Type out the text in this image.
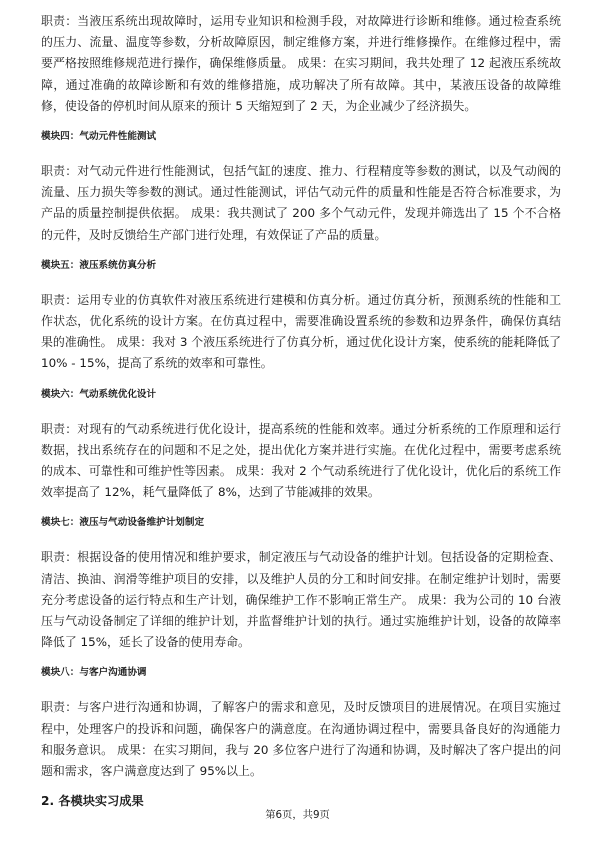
职责：当液压系统出现故障时，运用专业知识和检测手段，对故障进行诊断和维修。通过检查系统的压力、流量、温度等参数，分析故障原因，制定维修方案，并进行维修操作。在维修过程中，需要严格按照维修规范进行操作，确保维修质量。 成果：在实习期间，我共处理了 12 起液压系统故障，通过准确的故障诊断和有效的维修措施，成功解决了所有故障。其中，某液压设备的故障维修，使设备的停机时间从原来的预计 5 天缩短到了 2 天，为企业减少了经济损失。

模块四：气动元件性能测试

职责：对气动元件进行性能测试，包括气缸的速度、推力、行程精度等参数的测试，以及气动阀的流量、压力损失等参数的测试。通过性能测试，评估气动元件的质量和性能是否符合标准要求，为产品的质量控制提供依据。 成果：我共测试了 200 多个气动元件，发现并筛选出了 15 个不合格的元件，及时反馈给生产部门进行处理，有效保证了产品的质量。

模块五：液压系统仿真分析

职责：运用专业的仿真软件对液压系统进行建模和仿真分析。通过仿真分析，预测系统的性能和工作状态，优化系统的设计方案。在仿真过程中，需要准确设置系统的参数和边界条件，确保仿真结果的准确性。 成果：我对 3 个液压系统进行了仿真分析，通过优化设计方案，使系统的能耗降低了 10% - 15%，提高了系统的效率和可靠性。

模块六：气动系统优化设计

职责：对现有的气动系统进行优化设计，提高系统的性能和效率。通过分析系统的工作原理和运行数据，找出系统存在的问题和不足之处，提出优化方案并进行实施。在优化过程中，需要考虑系统的成本、可靠性和可维护性等因素。 成果：我对 2 个气动系统进行了优化设计，优化后的系统工作效率提高了 12%，耗气量降低了 8%，达到了节能减排的效果。

模块七：液压与气动设备维护计划制定

职责：根据设备的使用情况和维护要求，制定液压与气动设备的维护计划。包括设备的定期检查、清洁、换油、润滑等维护项目的安排，以及维护人员的分工和时间安排。在制定维护计划时，需要充分考虑设备的运行特点和生产计划，确保维护工作不影响正常生产。 成果：我为公司的 10 台液压与气动设备制定了详细的维护计划，并监督维护计划的执行。通过实施维护计划，设备的故障率降低了 15%，延长了设备的使用寿命。

模块八：与客户沟通协调

职责：与客户进行沟通和协调，了解客户的需求和意见，及时反馈项目的进展情况。在项目实施过程中，处理客户的投诉和问题，确保客户的满意度。在沟通协调过程中，需要具备良好的沟通能力和服务意识。 成果：在实习期间，我与 20 多位客户进行了沟通和协调，及时解决了客户提出的问题和需求，客户满意度达到了 95%以上。

2. 各模块实习成果
第6页，共9页
